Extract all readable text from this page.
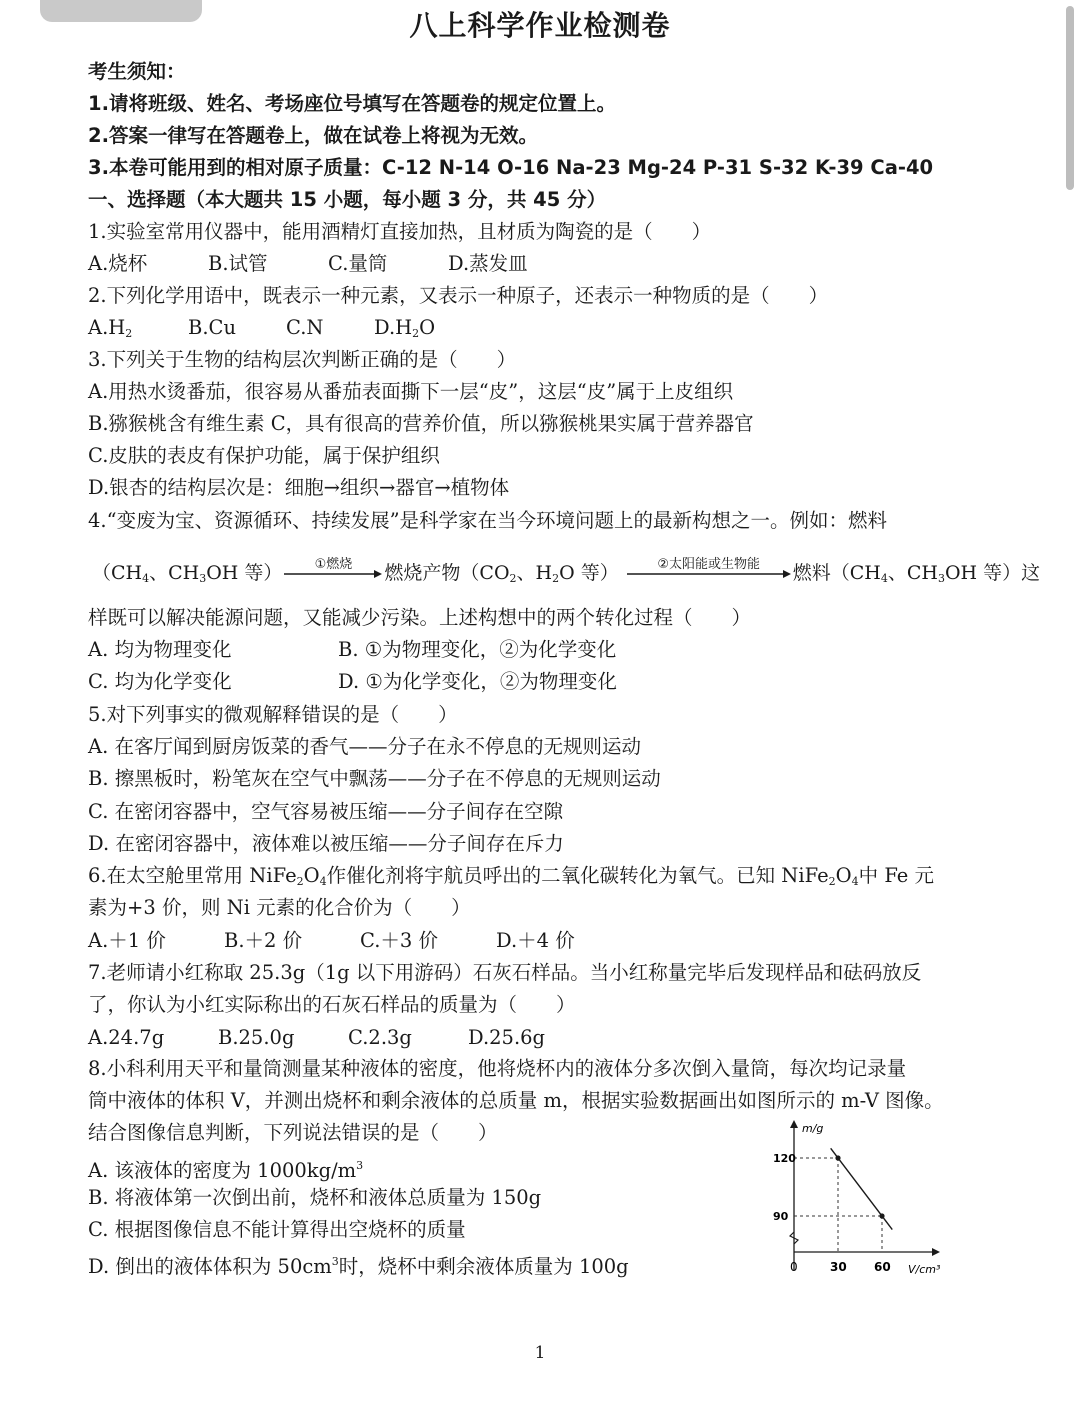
八上科学作业检测卷
考生须知：
1.请将班级、姓名、考场座位号填写在答题卷的规定位置上。
2.答案一律写在答题卷上，做在试卷上将视为无效。
3.本卷可能用到的相对原子质量：C-12 N-14 O-16 Na-23 Mg-24 P-31 S-32 K-39 Ca-40
一、选择题（本大题共 15 小题，每小题 3 分，共 45 分）
1.实验室常用仪器中，能用酒精灯直接加热，且材质为陶瓷的是（　　）
A.烧杯	B.试管	C.量筒	D.蒸发皿
2.下列化学用语中，既表示一种元素，又表示一种原子，还表示一种物质的是（　　）
$A.H_2$	B.Cu	C.N	$D.H_2O$
3.下列关于生物的结构层次判断正确的是（　　）
A.用热水烫番茄，很容易从番茄表面撕下一层“皮”，这层“皮”属于上皮组织
B.猕猴桃含有维生素 C，具有很高的营养价值，所以猕猴桃果实属于营养器官
C.皮肤的表皮有保护功能，属于保护组织
D.银杏的结构层次是：细胞→组织→器官→植物体
4.“变废为宝、资源循环、持续发展”是科学家在当今环境问题上的最新构想之一。例如：燃料
（$CH_4$、$CH_3OH$ 等）	①燃烧	燃烧产物（$CO_2$、$H_2O$ 等）	②太阳能或生物能	燃料（$CH_4$、$CH_3OH$ 等）这
样既可以解决能源问题，又能减少污染。上述构想中的两个转化过程（　　）
A. 均为物理变化	B. ①为物理变化，②为化学变化
C. 均为化学变化	D. ①为化学变化，②为物理变化
5.对下列事实的微观解释错误的是（　　）
A. 在客厅闻到厨房饭菜的香气——分子在永不停息的无规则运动
B. 擦黑板时，粉笔灰在空气中飘荡——分子在不停息的无规则运动
C. 在密闭容器中，空气容易被压缩——分子间存在空隙
D. 在密闭容器中，液体难以被压缩——分子间存在斥力
6.在太空舱里常用 $NiFe_2O_4$作催化剂将宇航员呼出的二氧化碳转化为氧气。已知 $NiFe_2O_4$中 Fe 元
素为+3 价，则 Ni 元素的化合价为（　　）
A.＋1 价	B.＋2 价	C.＋3 价	D.＋4 价
7.老师请小红称取 25.3g（1g 以下用游码）石灰石样品。当小红称量完毕后发现样品和砝码放反
了，你认为小红实际称出的石灰石样品的质量为（　　）
A.24.7g	B.25.0g	C.2.3g	D.25.6g
8.小科利用天平和量筒测量某种液体的密度，他将烧杯内的液体分多次倒入量筒，每次均记录量
筒中液体的体积 V，并测出烧杯和剩余液体的总质量 m，根据实验数据画出如图所示的 m-V 图像。
结合图像信息判断，下列说法错误的是（　　）
A. 该液体的密度为 $1000kg/m^3$
B. 将液体第一次倒出前，烧杯和液体总质量为 150g
C. 根据图像信息不能计算得出空烧杯的质量
D. 倒出的液体体积为 $50cm^3$时，烧杯中剩余液体质量为 100g
m/g
V/cm³
0	30 60
90
120
1
